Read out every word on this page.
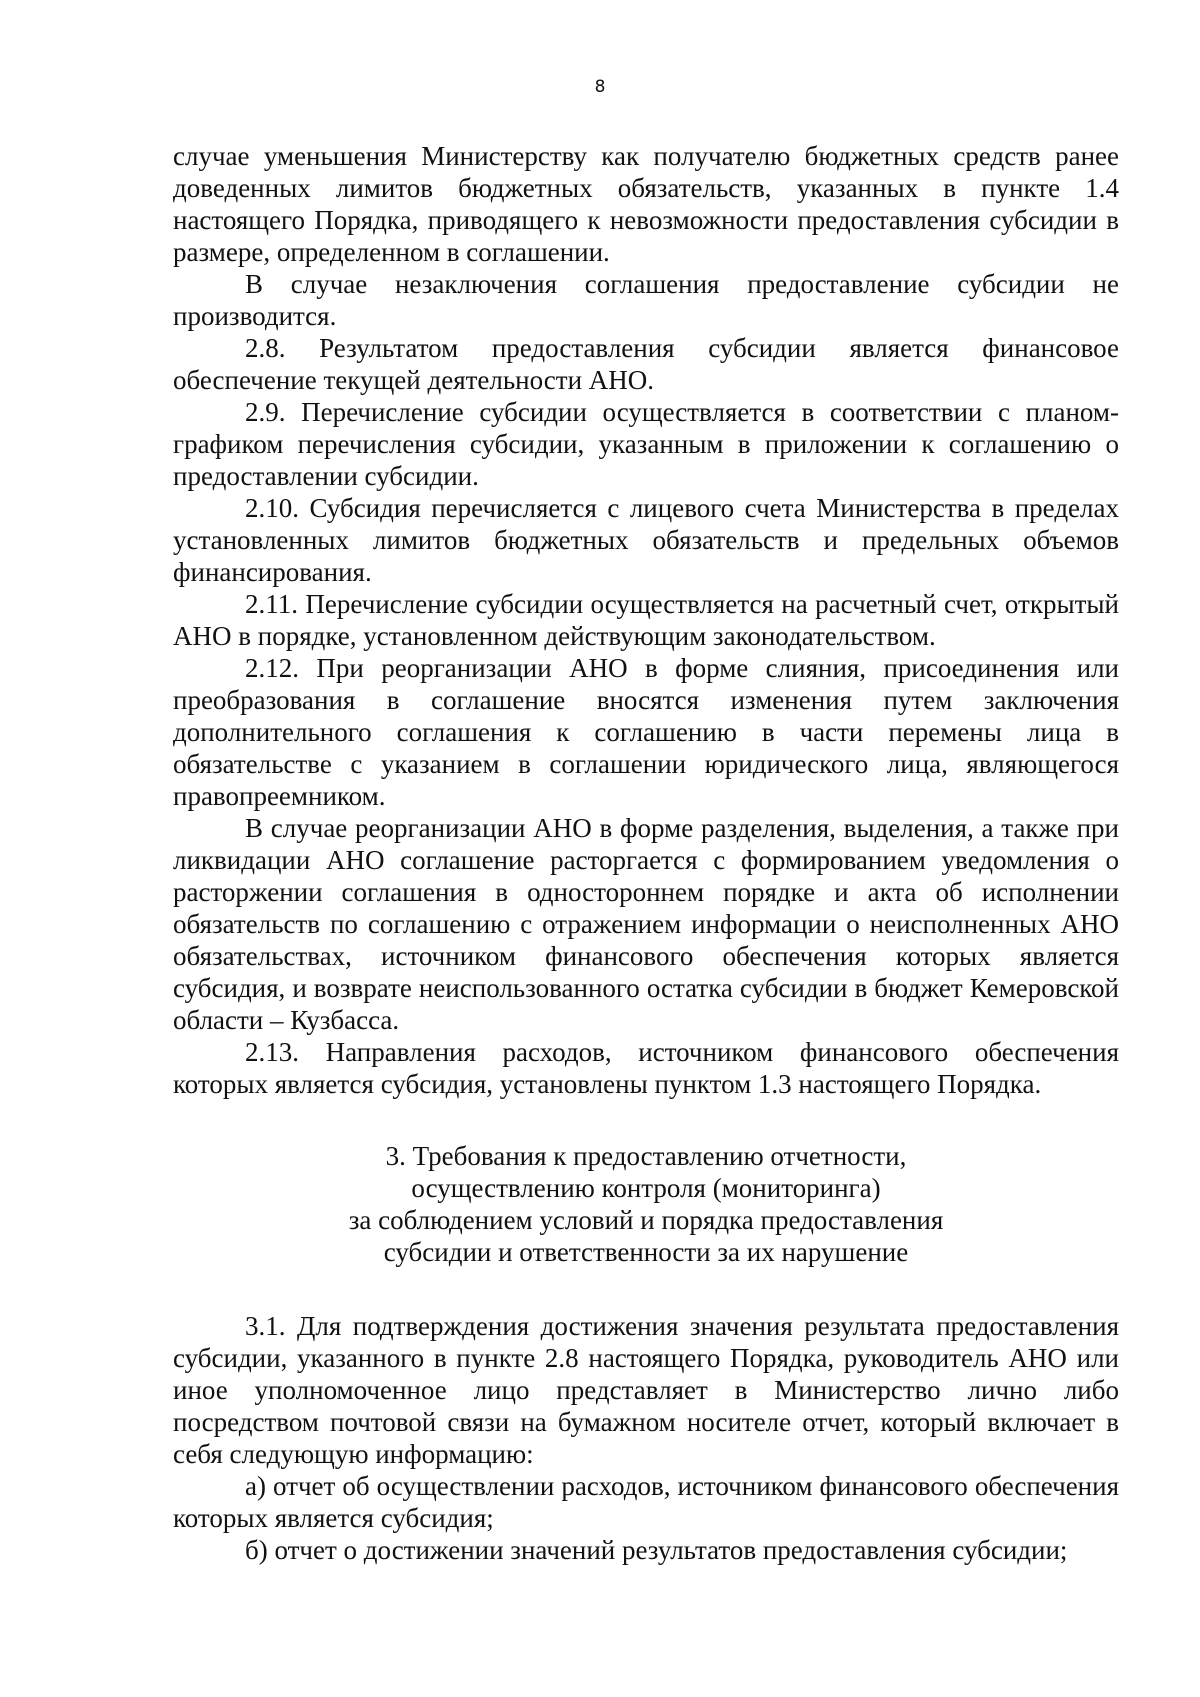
8

случае уменьшения Министерству как получателю бюджетных средств ранее доведенных лимитов бюджетных обязательств, указанных в пункте 1.4 настоящего Порядка, приводящего к невозможности предоставления субсидии в размере, определенном в соглашении.

В случае незаключения соглашения предоставление субсидии не производится.

2.8. Результатом предоставления субсидии является финансовое обеспечение текущей деятельности АНО.

2.9. Перечисление субсидии осуществляется в соответствии с планом-графиком перечисления субсидии, указанным в приложении к соглашению о предоставлении субсидии.

2.10. Субсидия перечисляется с лицевого счета Министерства в пределах установленных лимитов бюджетных обязательств и предельных объемов финансирования.

2.11. Перечисление субсидии осуществляется на расчетный счет, открытый АНО в порядке, установленном действующим законодательством.

2.12. При реорганизации АНО в форме слияния, присоединения или преобразования в соглашение вносятся изменения путем заключения дополнительного соглашения к соглашению в части перемены лица в обязательстве с указанием в соглашении юридического лица, являющегося правопреемником.

В случае реорганизации АНО в форме разделения, выделения, а также при ликвидации АНО соглашение расторгается с формированием уведомления о расторжении соглашения в одностороннем порядке и акта об исполнении обязательств по соглашению с отражением информации о неисполненных АНО обязательствах, источником финансового обеспечения которых является субсидия, и возврате неиспользованного остатка субсидии в бюджет Кемеровской области – Кузбасса.

2.13. Направления расходов, источником финансового обеспечения которых является субсидия, установлены пунктом 1.3 настоящего Порядка.

3. Требования к предоставлению отчетности,
осуществлению контроля (мониторинга)
за соблюдением условий и порядка предоставления
субсидии и ответственности за их нарушение

3.1. Для подтверждения достижения значения результата предоставления субсидии, указанного в пункте 2.8 настоящего Порядка, руководитель АНО или иное уполномоченное лицо представляет в Министерство лично либо посредством почтовой связи на бумажном носителе отчет, который включает в себя следующую информацию:

а) отчет об осуществлении расходов, источником финансового обеспечения которых является субсидия;

б) отчет о достижении значений результатов предоставления субсидии;
